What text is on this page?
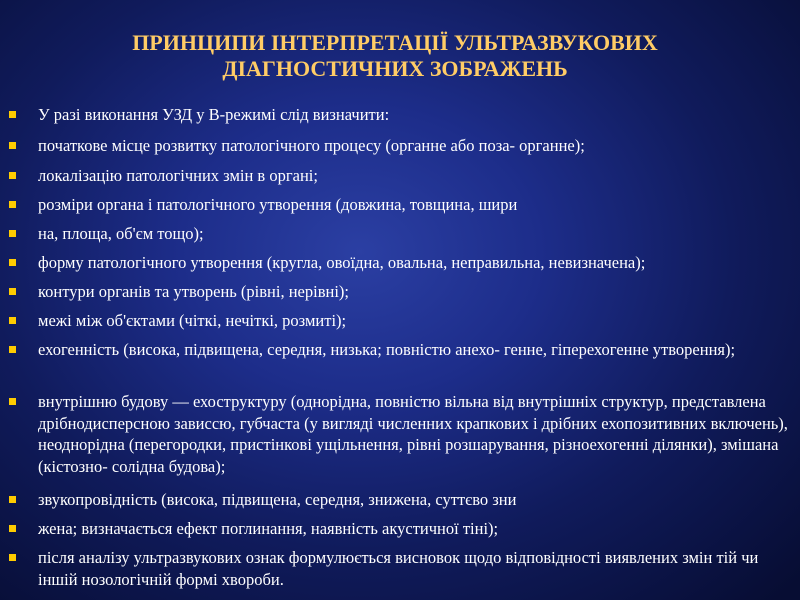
ПРИНЦИПИ ІНТЕРПРЕТАЦІЇ УЛЬТРАЗВУКОВИХ
ДІАГНОСТИЧНИХ ЗОБРАЖЕНЬ
У разі виконання УЗД у В-режимі слід визначити:
початкове місце розвитку патологічного процесу (органне або поза- органне);
локалізацію патологічних змін в органі;
розміри органа і патологічного утворення (довжина, товщина, шири
на, площа, об'єм тощо);
форму патологічного утворення (кругла, овоїдна, овальна, неправильна, невизначена);
контури органів та утворень (рівні, нерівні);
межі між об'єктами (чіткі, нечіткі, розмиті);
ехогенність (висока, підвищена, середня, низька; повністю анехо- генне, гіперехогенне утворення);
внутрішню будову — ехоструктуру (однорідна, повністю вільна від внутрішніх структур, представлена дрібнодисперсною зависсю, губчаста (у вигляді численних крапкових і дрібних ехопозитивних включень), неоднорідна (перегородки, пристінкові ущільнення, рівні розшарування, різноехогенні ділянки), змішана (кістозно- солідна будова);
звукопровідність (висока, підвищена, середня, знижена, суттєво зни
жена; визначається ефект поглинання, наявність акустичної тіні);
після аналізу ультразвукових ознак формулюється висновок щодо відповідності виявлених змін тій чи іншій нозологічній формі хвороби.
